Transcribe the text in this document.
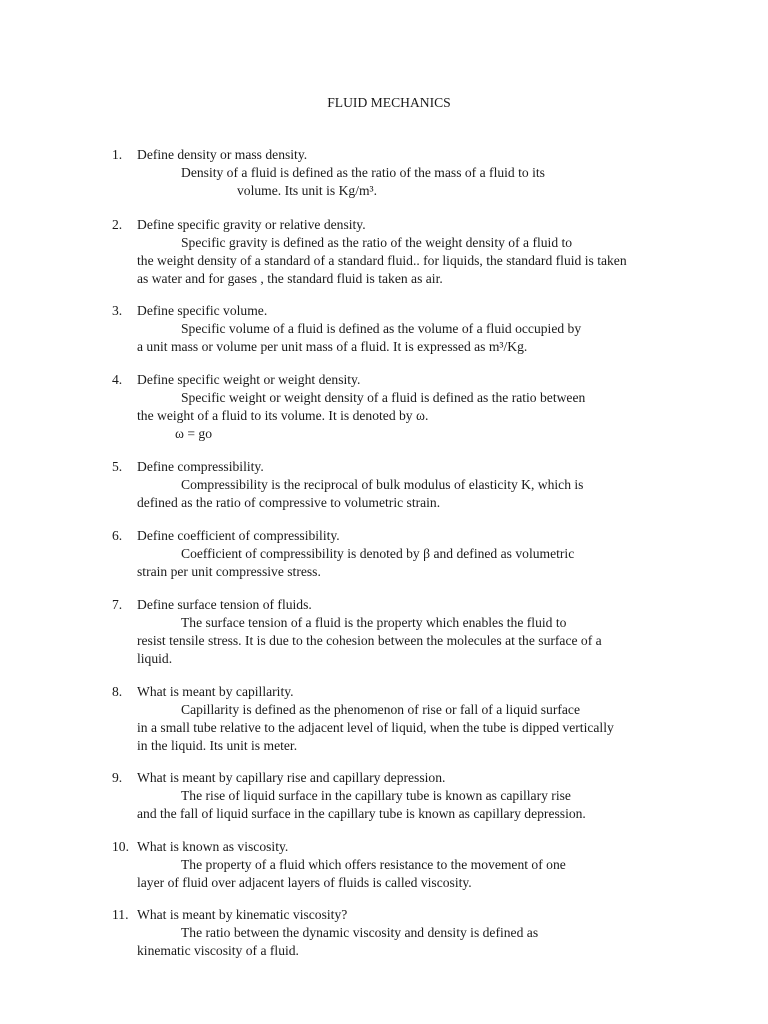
FLUID MECHANICS
1. Define density or mass density.
Density of a fluid is defined as the ratio of the mass of a fluid to its
volume. Its unit is Kg/m³.
2. Define specific gravity or relative density.
Specific gravity is defined as the ratio of the weight density of a fluid to
the weight density of a standard of a standard fluid.. for liquids, the standard fluid is taken
as water and for gases , the standard fluid is taken as air.
3. Define specific volume.
Specific volume of a fluid is defined as the volume of a fluid occupied by
a unit mass or volume per unit mass of a fluid. It is expressed as m³/Kg.
4. Define specific weight or weight density.
Specific weight or weight density of a fluid is defined as the ratio between
the weight of a fluid to its volume. It is denoted by ω.
ω = go
5. Define compressibility.
Compressibility is the reciprocal of bulk modulus of elasticity K, which is
defined as the ratio of compressive to volumetric strain.
6. Define coefficient of compressibility.
Coefficient of compressibility is denoted by β and defined as volumetric
strain per unit compressive stress.
7. Define surface tension of fluids.
The surface tension of a fluid is the property which enables the fluid to
resist tensile stress. It is due to the cohesion between the molecules at the surface of a
liquid.
8. What is meant by capillarity.
Capillarity is defined as the phenomenon of rise or fall of a liquid surface
in a small tube relative to the adjacent level of liquid, when the tube is dipped vertically
in the liquid. Its unit is meter.
9. What is meant by capillary rise and capillary depression.
The rise of liquid surface in the capillary tube is known as capillary rise
and the fall of liquid surface in the capillary tube is known as capillary depression.
10. What is known as viscosity.
The property of a fluid which offers resistance to the movement of one
layer of fluid over adjacent layers of fluids is called viscosity.
11. What is meant by kinematic viscosity?
The ratio between the dynamic viscosity and density is defined as
kinematic viscosity of a fluid.
